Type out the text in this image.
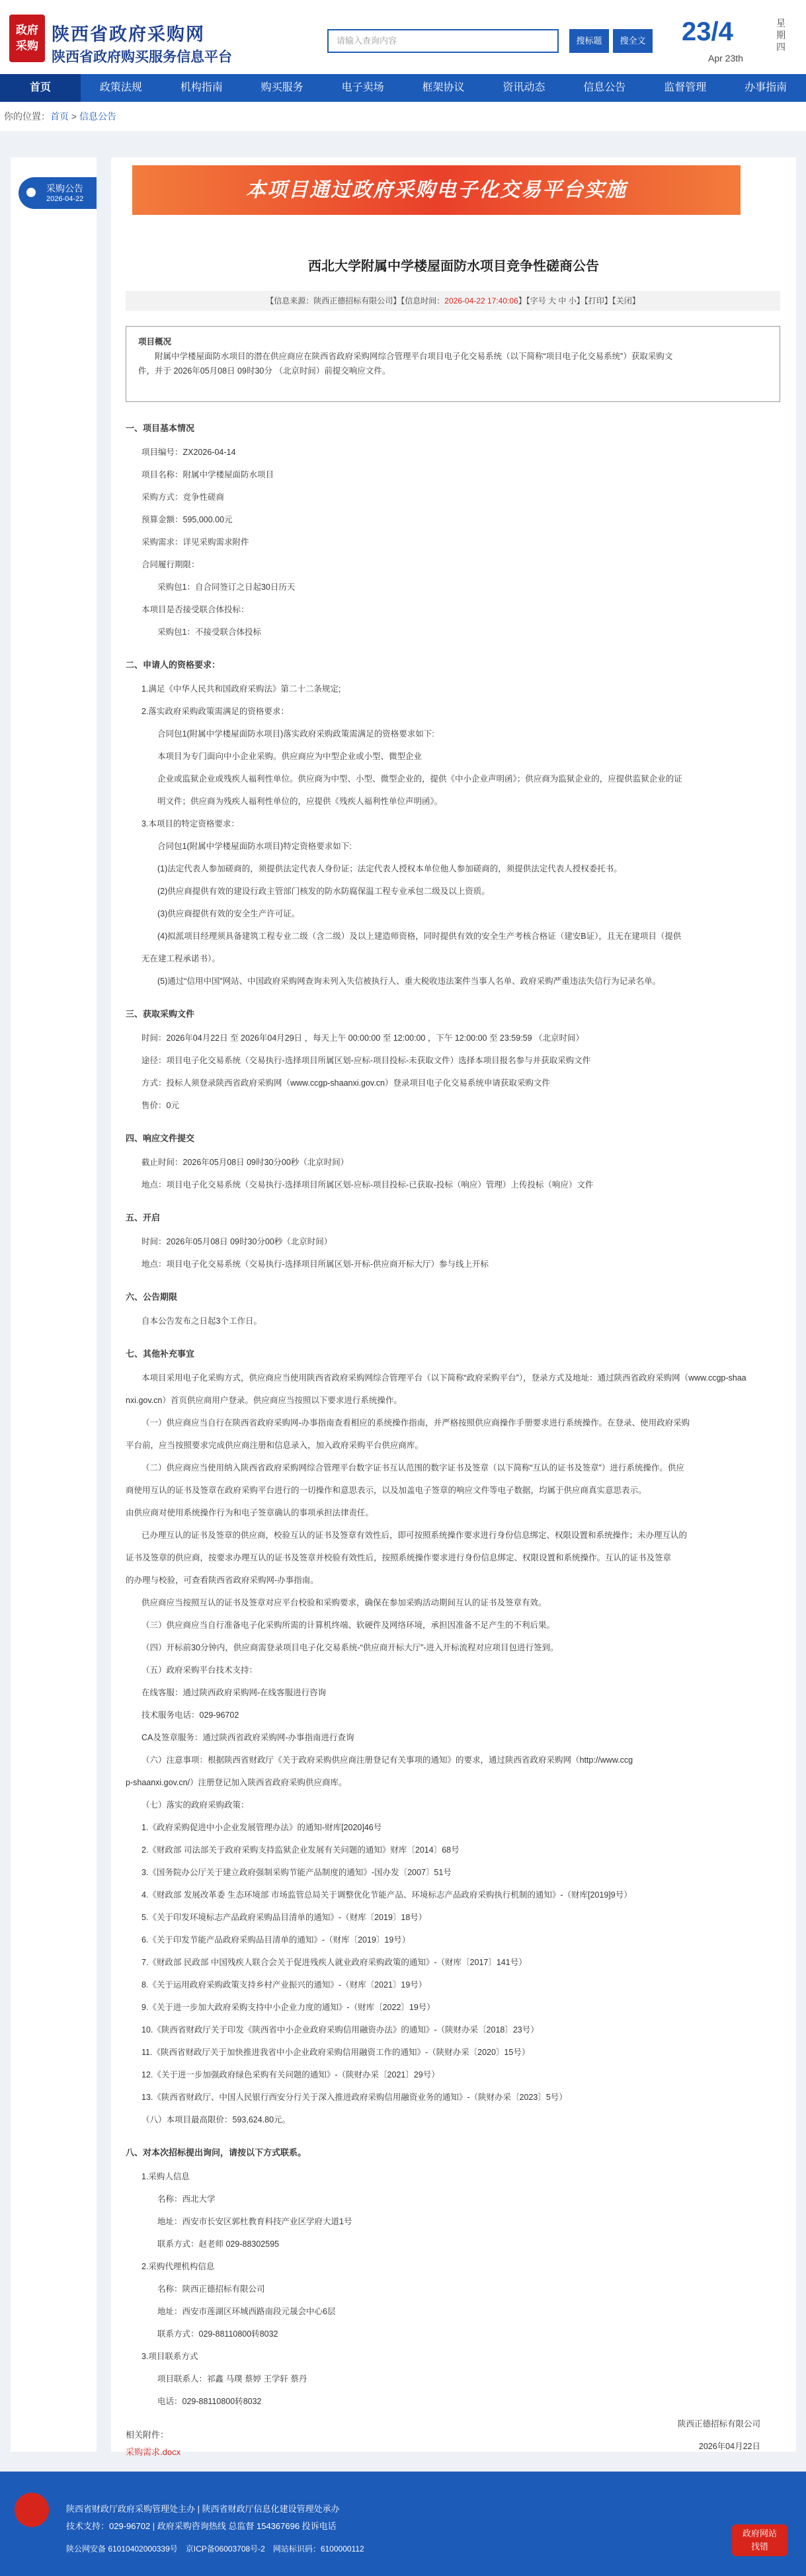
政府
采购
陕西省政府采购网
陕西省政府购买服务信息平台
请输入查询内容	搜标题	搜全文 23/4
Apr 23th
星期四
首页	政策法规	机构指南	购买服务	电子卖场	框架协议	资讯动态	信息公告	监督管理	办事指南
你的位置：首页 > 信息公告
采购公告
2026-04-22	本项目通过政府采购电子化交易平台实施
西北大学附属中学楼屋面防水项目竞争性磋商公告
【信息来源：陕西正德招标有限公司】【信息时间：2026-04-22 17:40:06】【字号 大 中 小】【打印】【关闭】
项目概况
附属中学楼屋面防水项目的潜在供应商应在陕西省政府采购网综合管理平台项目电子化交易系统（以下简称“项目电子化交易系统”）获取采购文
件，并于 2026年05月08日 09时30分 （北京时间）前提交响应文件。
一、项目基本情况
项目编号：ZX2026-04-14
项目名称：附属中学楼屋面防水项目
采购方式：竞争性磋商
预算金额：595,000.00元
采购需求：详见采购需求附件
合同履行期限：
采购包1：自合同签订之日起30日历天
本项目是否接受联合体投标：
采购包1：不接受联合体投标
二、申请人的资格要求：
1.满足《中华人民共和国政府采购法》第二十二条规定;
2.落实政府采购政策需满足的资格要求：
合同包1(附属中学楼屋面防水项目)落实政府采购政策需满足的资格要求如下:
本项目为专门面向中小企业采购。供应商应为中型企业或小型、微型企业
企业或监狱企业或残疾人福利性单位。供应商为中型、小型、微型企业的，提供《中小企业声明函》；供应商为监狱企业的，应提供监狱企业的证
明文件；供应商为残疾人福利性单位的，应提供《残疾人福利性单位声明函》。
3.本项目的特定资格要求：
合同包1(附属中学楼屋面防水项目)特定资格要求如下:
(1)法定代表人参加磋商的，须提供法定代表人身份证；法定代表人授权本单位他人参加磋商的，须提供法定代表人授权委托书。
(2)供应商提供有效的建设行政主管部门核发的防水防腐保温工程专业承包二级及以上资质。
(3)供应商提供有效的安全生产许可证。
(4)拟派项目经理须具备建筑工程专业二级（含二级）及以上建造师资格，同时提供有效的安全生产考核合格证（建安B证），且无在建项目（提供
无在建工程承诺书）。
(5)通过“信用中国”网站、中国政府采购网查询未列入失信被执行人、重大税收违法案件当事人名单、政府采购严重违法失信行为记录名单。
三、获取采购文件
时间：2026年04月22日 至 2026年04月29日 ，每天上午 00:00:00 至 12:00:00 ，下午 12:00:00 至 23:59:59 （北京时间）
途径：项目电子化交易系统（交易执行-选择项目所属区划-应标-项目投标-未获取文件）选择本项目报名参与并获取采购文件
方式：投标人须登录陕西省政府采购网（www.ccgp-shaanxi.gov.cn）登录项目电子化交易系统申请获取采购文件
售价：0元
四、响应文件提交
截止时间：2026年05月08日 09时30分00秒（北京时间）
地点：项目电子化交易系统（交易执行-选择项目所属区划-应标-项目投标-已获取-投标（响应）管理）上传投标（响应）文件
五、开启
时间：2026年05月08日 09时30分00秒（北京时间）
地点：项目电子化交易系统（交易执行-选择项目所属区划-开标-供应商开标大厅）参与线上开标
六、公告期限
自本公告发布之日起3个工作日。
七、其他补充事宜
本项目采用电子化采购方式，供应商应当使用陕西省政府采购网综合管理平台（以下简称“政府采购平台”），登录方式及地址：通过陕西省政府采购网（www.ccgp-shaa
nxi.gov.cn）首页供应商用户登录。供应商应当按照以下要求进行系统操作。
（一）供应商应当自行在陕西省政府采购网-办事指南查看相应的系统操作指南，并严格按照供应商操作手册要求进行系统操作。在登录、使用政府采购
平台前，应当按照要求完成供应商注册和信息录入，加入政府采购平台供应商库。
（二）供应商应当使用纳入陕西省政府采购网综合管理平台数字证书互认范围的数字证书及签章（以下简称“互认的证书及签章”）进行系统操作。供应
商使用互认的证书及签章在政府采购平台进行的一切操作和意思表示，以及加盖电子签章的响应文件等电子数据，均属于供应商真实意思表示。
由供应商对使用系统操作行为和电子签章确认的事项承担法律责任。
已办理互认的证书及签章的供应商，校验互认的证书及签章有效性后，即可按照系统操作要求进行身份信息绑定、权限设置和系统操作；未办理互认的
证书及签章的供应商，按要求办理互认的证书及签章并校验有效性后，按照系统操作要求进行身份信息绑定、权限设置和系统操作。互认的证书及签章
的办理与校验，可查看陕西省政府采购网-办事指南。
供应商应当按照互认的证书及签章对应平台校验和采购要求，确保在参加采购活动期间互认的证书及签章有效。
（三）供应商应当自行准备电子化采购所需的计算机终端、软硬件及网络环境，承担因准备不足产生的不利后果。
（四）开标前30分钟内，供应商需登录项目电子化交易系统-“供应商开标大厅”-进入开标流程对应项目包进行签到。
（五）政府采购平台技术支持：
在线客服：通过陕西政府采购网-在线客服进行咨询
技术服务电话：029-96702
CA及签章服务：通过陕西省政府采购网-办事指南进行查询
（六）注意事项：根据陕西省财政厅《关于政府采购供应商注册登记有关事项的通知》的要求，通过陕西省政府采购网（http://www.ccg
p-shaanxi.gov.cn/）注册登记加入陕西省政府采购供应商库。
（七）落实的政府采购政策：
1.《政府采购促进中小企业发展管理办法》的通知-财库[2020]46号
2.《财政部 司法部关于政府采购支持监狱企业发展有关问题的通知》财库〔2014〕68号
3.《国务院办公厅关于建立政府强制采购节能产品制度的通知》-国办发〔2007〕51号
4.《财政部 发展改革委 生态环境部 市场监管总局关于调整优化节能产品、环境标志产品政府采购执行机制的通知》-（财库[2019]9号）
5.《关于印发环境标志产品政府采购品目清单的通知》-（财库〔2019〕18号）
6.《关于印发节能产品政府采购品目清单的通知》-（财库〔2019〕19号）
7.《财政部 民政部 中国残疾人联合会关于促进残疾人就业政府采购政策的通知》-（财库〔2017〕141号）
8.《关于运用政府采购政策支持乡村产业振兴的通知》-（财库〔2021〕19号）
9.《关于进一步加大政府采购支持中小企业力度的通知》-（财库〔2022〕19号）
10.《陕西省财政厅关于印发《陕西省中小企业政府采购信用融资办法》的通知》-（陕财办采〔2018〕23号）
11.《陕西省财政厅关于加快推进我省中小企业政府采购信用融资工作的通知》-（陕财办采〔2020〕15号）
12.《关于进一步加强政府绿色采购有关问题的通知》-（陕财办采〔2021〕29号）
13.《陕西省财政厅、中国人民银行西安分行关于深入推进政府采购信用融资业务的通知》-（陕财办采〔2023〕5号）
（八）本项目最高限价：593,624.80元。
八、对本次招标提出询问，请按以下方式联系。
1.采购人信息
名称：西北大学
地址：西安市长安区郭杜教育科技产业区学府大道1号
联系方式：赵老师 029-88302595
2.采购代理机构信息
名称：陕西正德招标有限公司
地址：西安市莲湖区环城西路南段元晟会中心6层
联系方式：029-88110800转8032
3.项目联系方式
项目联系人：祁鑫 马璞 蔡婷 王学轩 蔡丹
电话：029-88110800转8032
陕西正德招标有限公司
2026年04月22日
相关附件：
采购需求.docx
陕西省财政厅政府采购管理处主办 | 陕西省财政厅信息化建设管理处承办
技术支持：029-96702 | 政府采购咨询热线 总监督 154367696 投诉电话
陕公网安备 61010402000339号　京ICP备06003708号-2　网站标识码：6100000112
政府网站
找错
